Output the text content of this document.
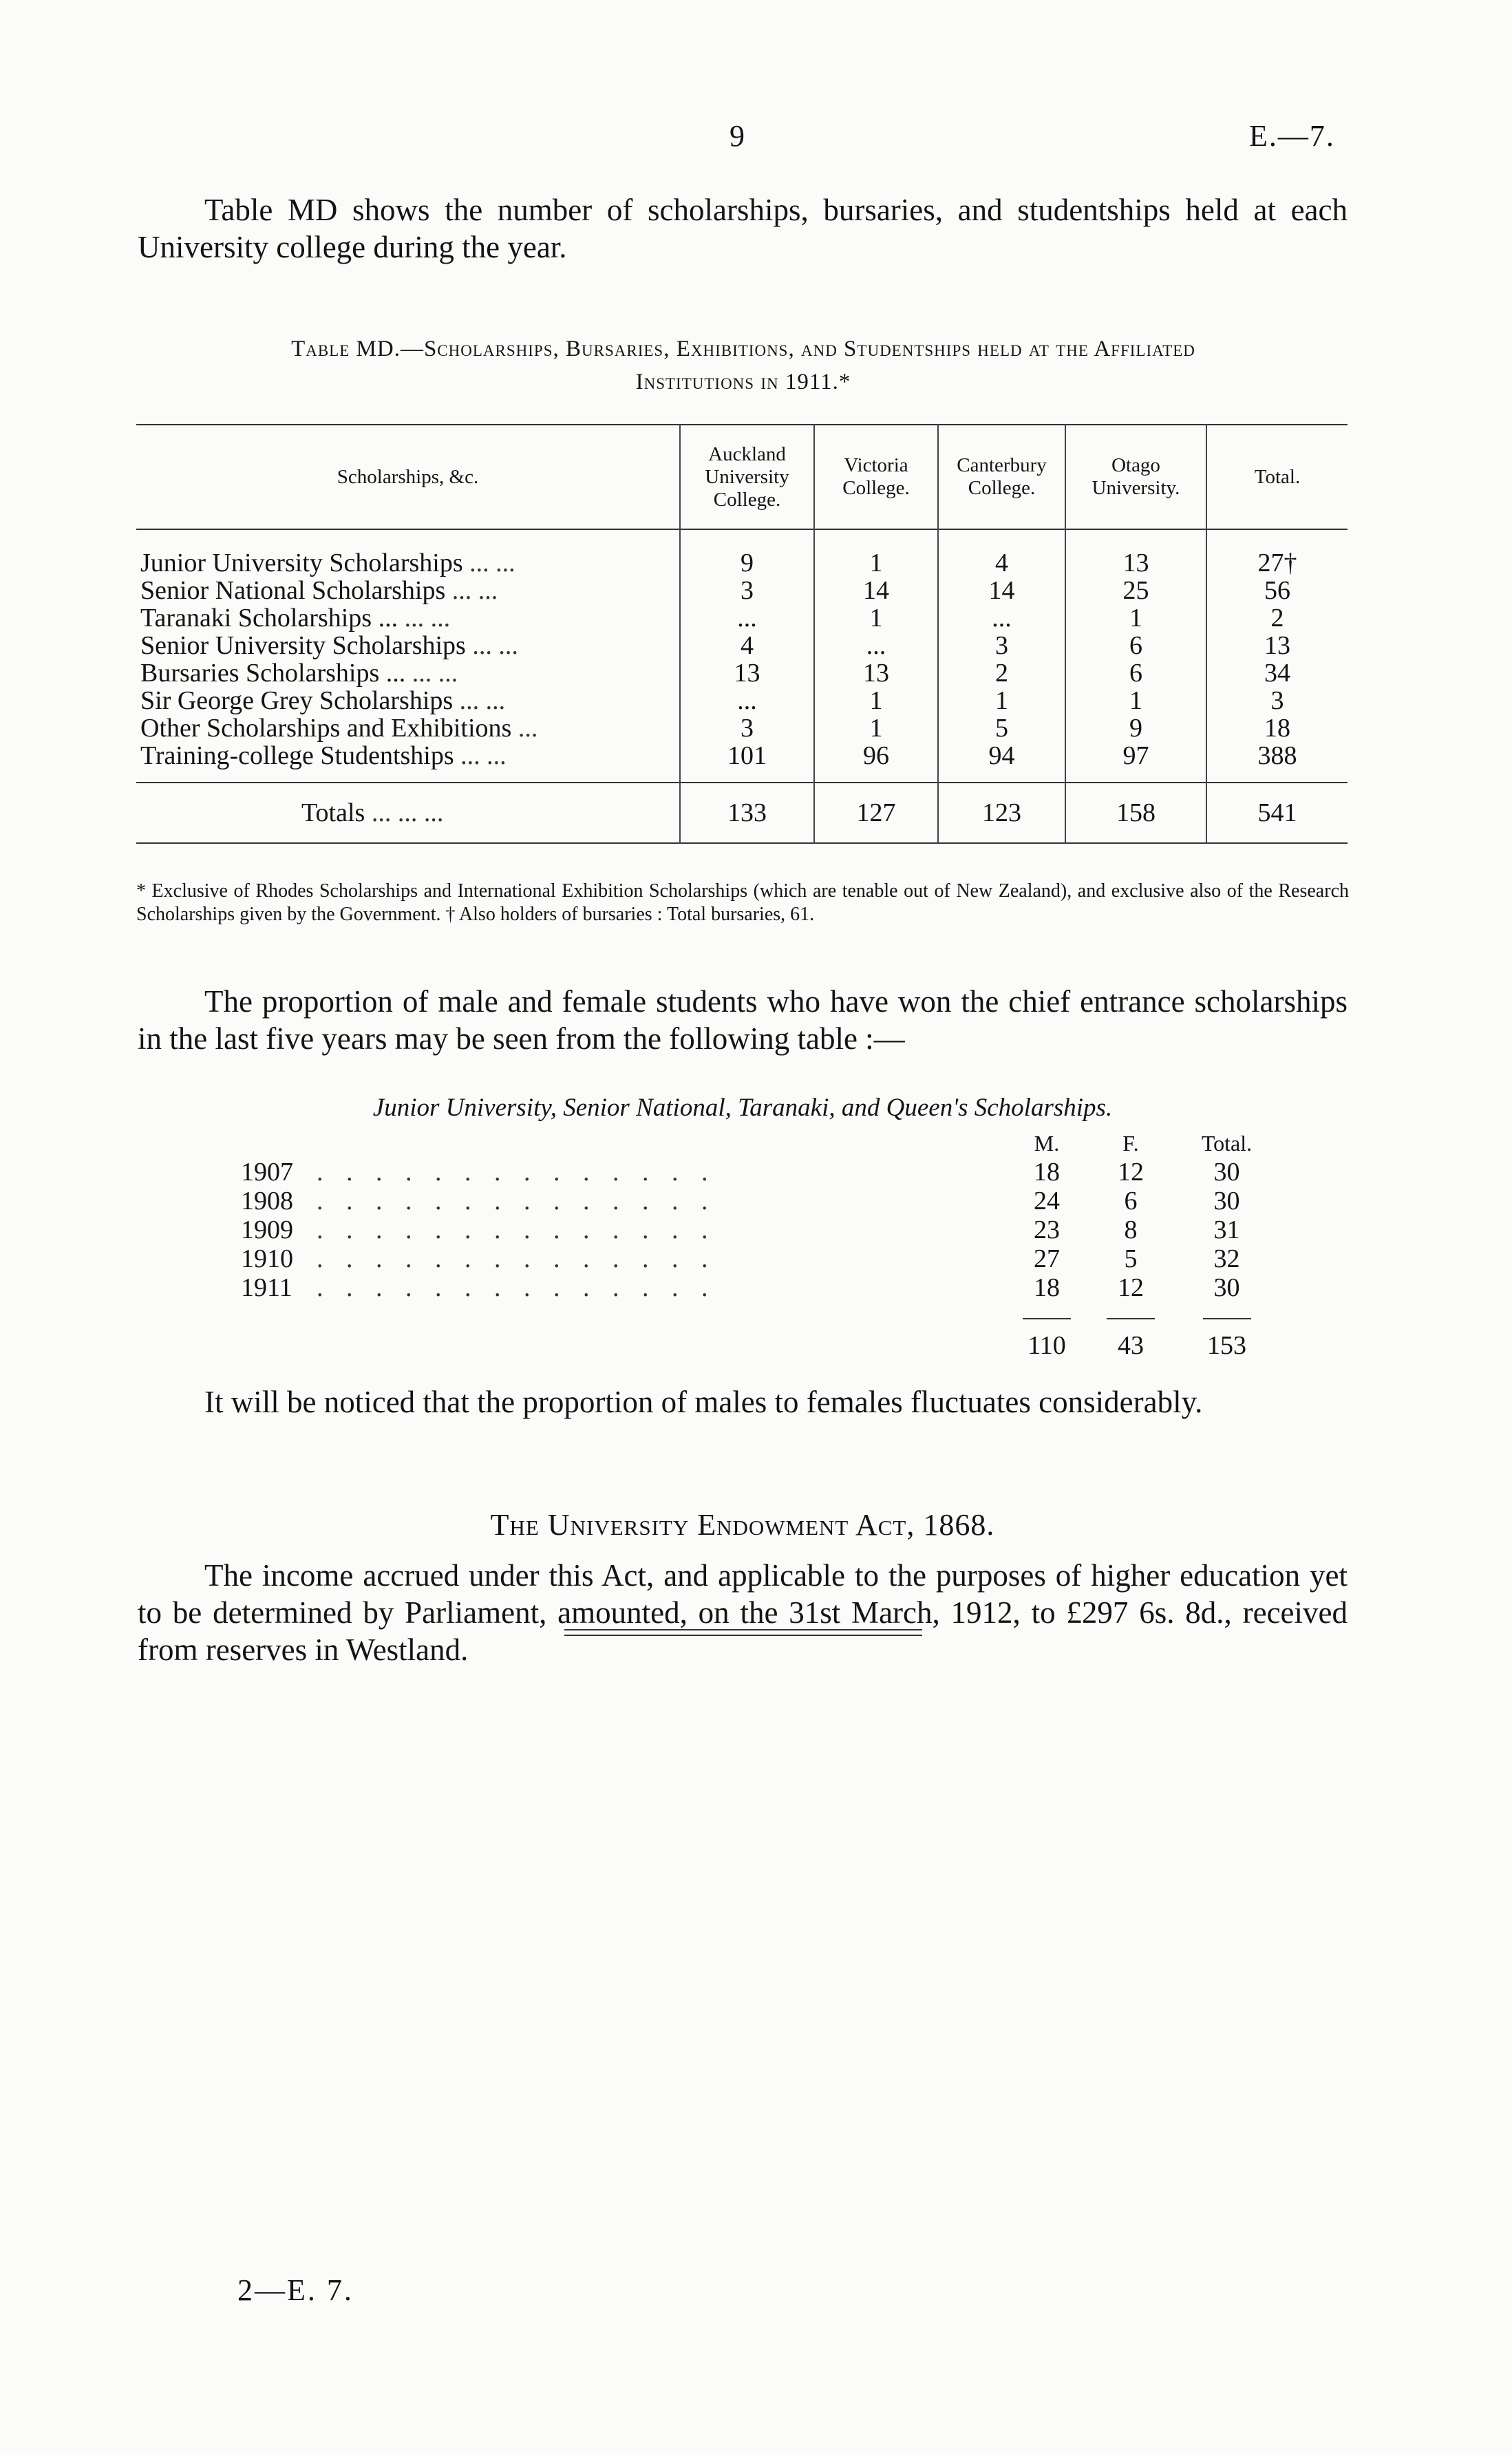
9	E.—7.
Table MD shows the number of scholarships, bursaries, and studentships held at each University college during the year.
Table MD.—Scholarships, Bursaries, Exhibitions, and Studentships held at the Affiliated
Institutions in 1911.*
Scholarships, &c.	Auckland University College.	Victoria College.	Canterbury College.	Otago University.	Total.
Junior University Scholarships ... ...	9	1	4	13	27†
Senior National Scholarships ... ...	3	14	14	25	56
Taranaki Scholarships ... ... ...	...	1	...	1	2
Senior University Scholarships ... ...	4	...	3	6	13
Bursaries Scholarships ... ... ...	13	13	2	6	34
Sir George Grey Scholarships ... ...	...	1	1	1	3
Other Scholarships and Exhibitions ...	3	1	5	9	18
Training-college Studentships ... ...	101	96	94	97	388
Totals ... ... ...	133	127	123	158	541
* Exclusive of Rhodes Scholarships and International Exhibition Scholarships (which are tenable out of New Zealand), and exclusive also of the Research Scholarships given by the Government. † Also holders of bursaries : Total bursaries, 61.
The proportion of male and female students who have won the chief entrance scholarships in the last five years may be seen from the following table :—
Junior University, Senior National, Taranaki, and Queen's Scholarships.
		M.	F.	Total.
1907	. . . . . . . . . . . . . .	18	12	30
1908	. . . . . . . . . . . . . .	24	6	30
1909	. . . . . . . . . . . . . .	23	8	31
1910	. . . . . . . . . . . . . .	27	5	32
1911	. . . . . . . . . . . . . .	18	12	30

		110	43	153
It will be noticed that the proportion of males to females fluctuates considerably.
The University Endowment Act, 1868.
The income accrued under this Act, and applicable to the purposes of higher education yet to be determined by Parliament, amounted, on the 31st March, 1912, to £297 6s. 8d., received from reserves in Westland.
2—E. 7.
